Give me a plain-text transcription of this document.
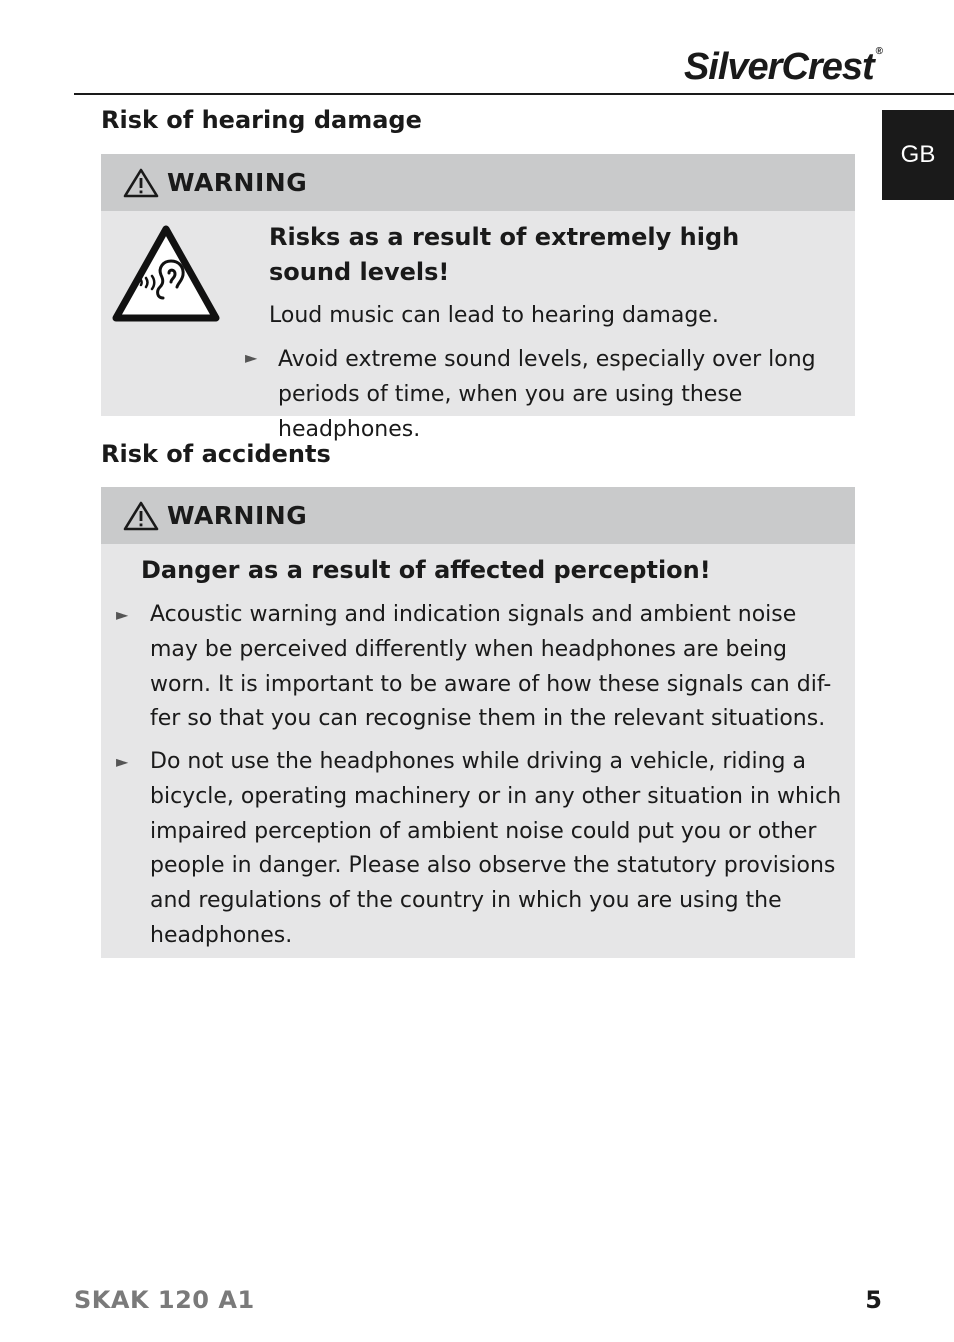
SilverCrest ®
GB
Risk of hearing damage
WARNING
Risks as a result of extremely high
sound levels!
Loud music can lead to hearing damage.
► Avoid extreme sound levels, especially over long
periods of time, when you are using these headphones.
Risk of accidents
WARNING
Danger as a result of affected perception!
► Acoustic warning and indication signals and ambient noise
may be perceived differently when headphones are being
worn. It is important to be aware of how these signals can dif-
fer so that you can recognise them in the relevant situations.
► Do not use the headphones while driving a vehicle, riding a
bicycle, operating machinery or in any other situation in which
impaired perception of ambient noise could put you or other
people in danger. Please also observe the statutory provisions
and regulations of the country in which you are using the
headphones.
SKAK 120 A1	5
